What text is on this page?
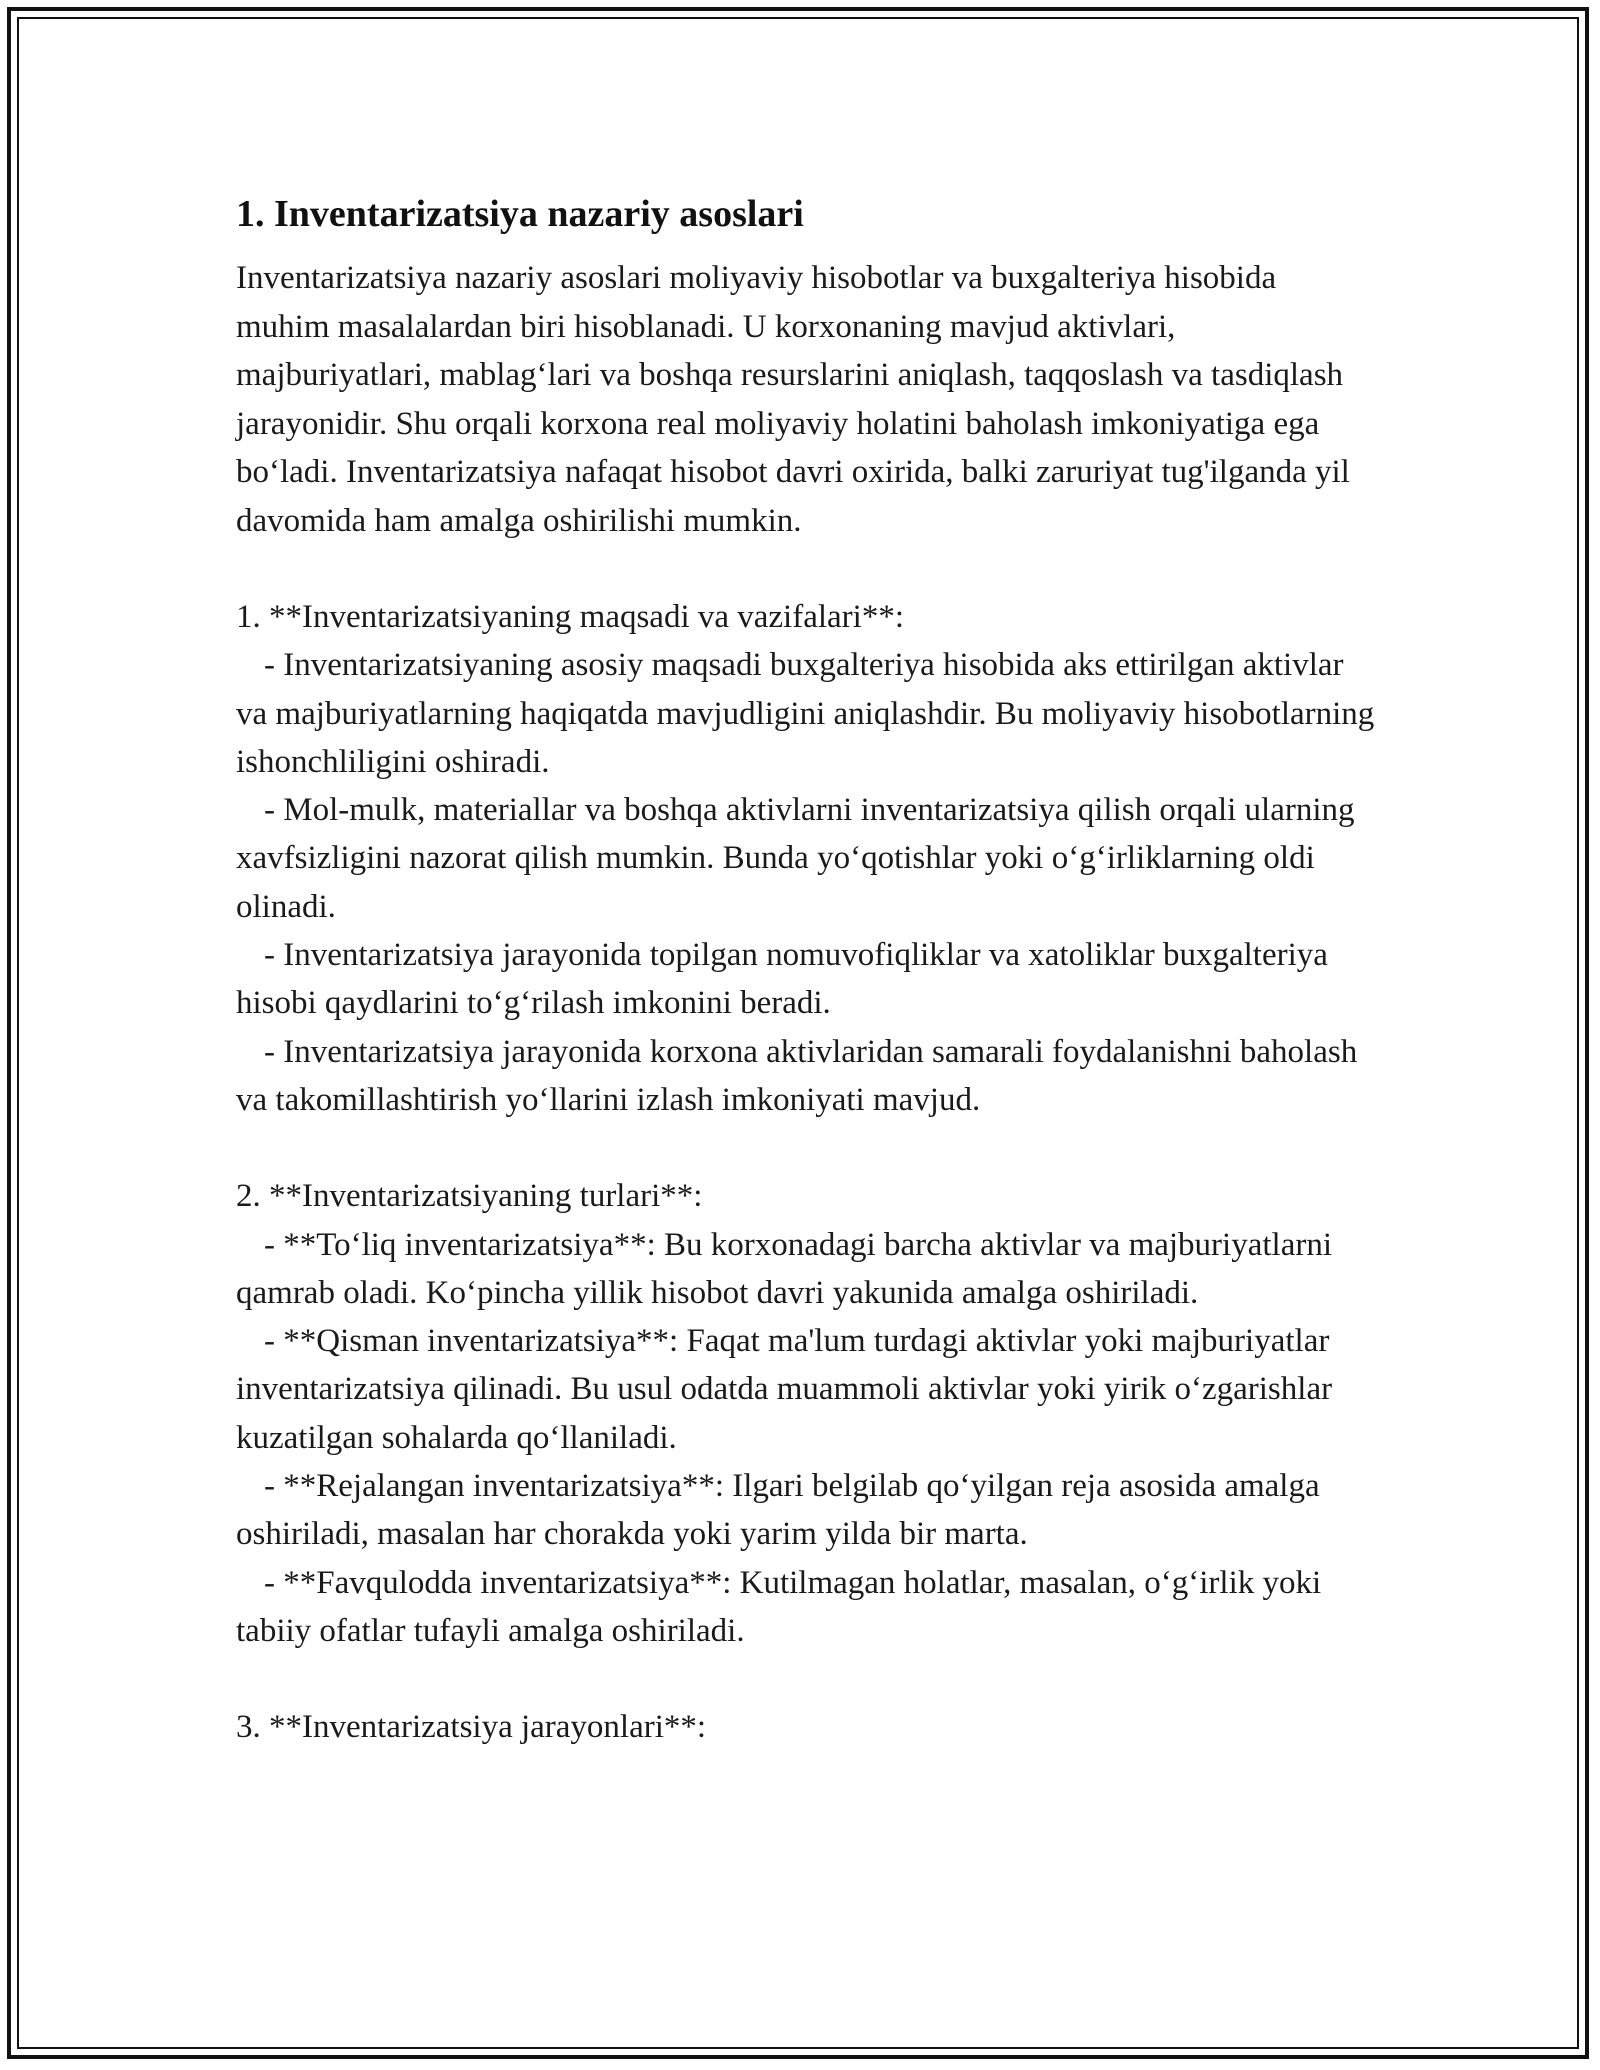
1. Inventarizatsiya nazariy asoslari

Inventarizatsiya nazariy asoslari moliyaviy hisobotlar va buxgalteriya hisobida muhim masalalardan biri hisoblanadi. U korxonaning mavjud aktivlari, majburiyatlari, mablag‘lari va boshqa resurslarini aniqlash, taqqoslash va tasdiqlash jarayonidir. Shu orqali korxona real moliyaviy holatini baholash imkoniyatiga ega bo‘ladi. Inventarizatsiya nafaqat hisobot davri oxirida, balki zaruriyat tug'ilganda yil davomida ham amalga oshirilishi mumkin.

1. **Inventarizatsiyaning maqsadi va vazifalari**:
- Inventarizatsiyaning asosiy maqsadi buxgalteriya hisobida aks ettirilgan aktivlar va majburiyatlarning haqiqatda mavjudligini aniqlashdir. Bu moliyaviy hisobotlarning ishonchliligini oshiradi.
- Mol-mulk, materiallar va boshqa aktivlarni inventarizatsiya qilish orqali ularning xavfsizligini nazorat qilish mumkin. Bunda yo‘qotishlar yoki o‘g‘irliklarning oldi olinadi.
- Inventarizatsiya jarayonida topilgan nomuvofiqliklar va xatoliklar buxgalteriya hisobi qaydlarini to‘g‘rilash imkonini beradi.
- Inventarizatsiya jarayonida korxona aktivlaridan samarali foydalanishni baholash va takomillashtirish yo‘llarini izlash imkoniyati mavjud.
2. **Inventarizatsiyaning turlari**:
- **To‘liq inventarizatsiya**: Bu korxonadagi barcha aktivlar va majburiyatlarni qamrab oladi. Ko‘pincha yillik hisobot davri yakunida amalga oshiriladi.
- **Qisman inventarizatsiya**: Faqat ma'lum turdagi aktivlar yoki majburiyatlar inventarizatsiya qilinadi. Bu usul odatda muammoli aktivlar yoki yirik o‘zgarishlar kuzatilgan sohalarda qo‘llaniladi.
- **Rejalangan inventarizatsiya**: Ilgari belgilab qo‘yilgan reja asosida amalga oshiriladi, masalan har chorakda yoki yarim yilda bir marta.
- **Favqulodda inventarizatsiya**: Kutilmagan holatlar, masalan, o‘g‘irlik yoki tabiiy ofatlar tufayli amalga oshiriladi.
3. **Inventarizatsiya jarayonlari**:
